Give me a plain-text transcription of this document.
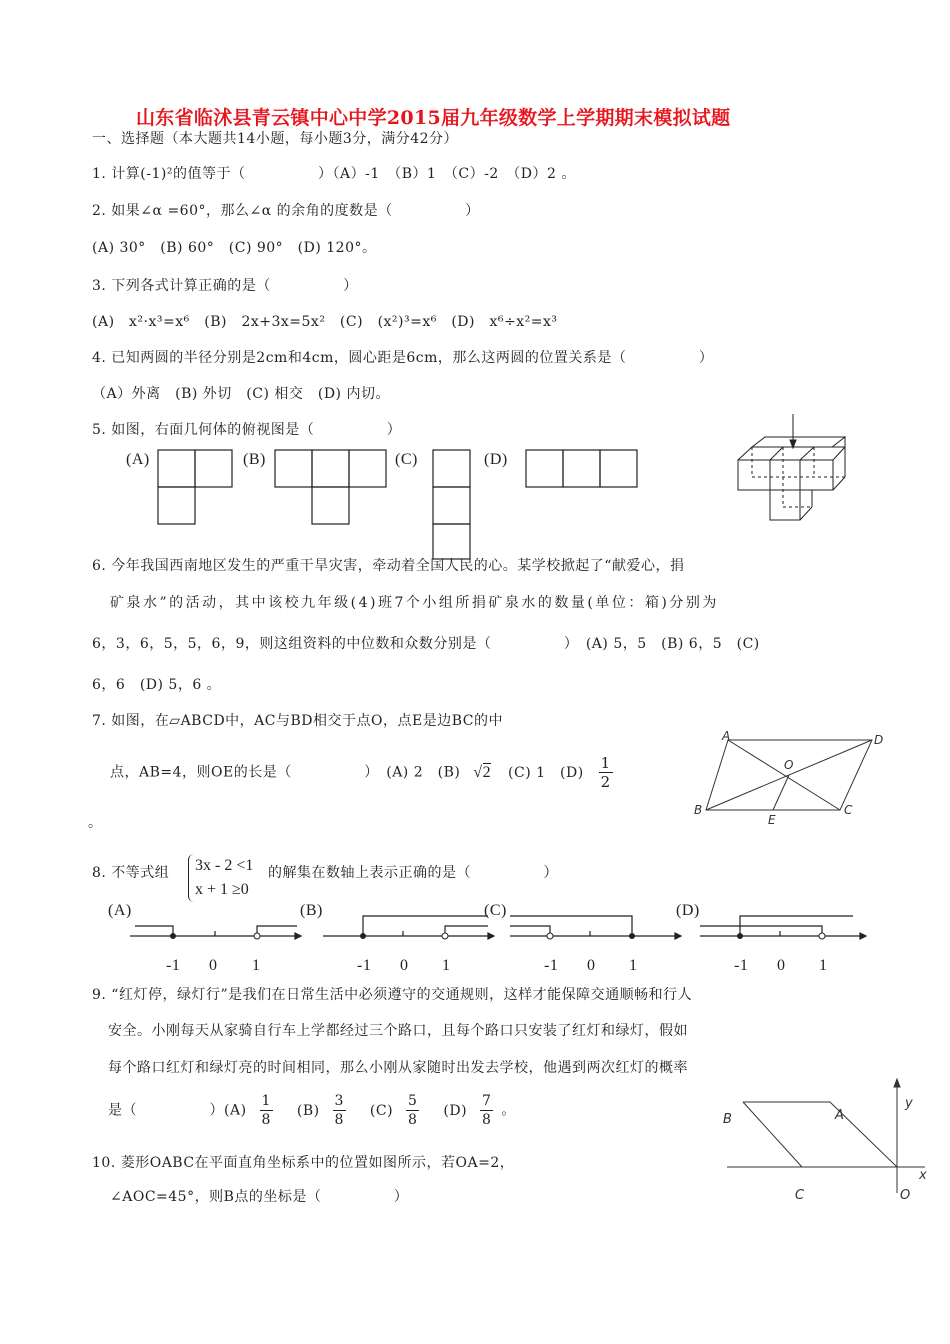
山东省临沭县青云镇中心中学2015届九年级数学上学期期末模拟试题
一、选择题（本大题共14小题，每小题3分，满分42分）
1. 计算(-1)²的值等于（　　　　　）（A）-1　（B）1　（C）-2　（D）2 。
2. 如果∠α =60°，那么∠α 的余角的度数是（　　　　　）
(A) 30°　(B) 60°　(C) 90°　(D) 120°。
3. 下列各式计算正确的是（　　　　　）
(A)　x²·x³=x⁶　(B)　2x+3x=5x²　(C)　(x²)³=x⁶　(D)　x⁶÷x²=x³
4. 已知两圆的半径分别是2cm和4cm，圆心距是6cm，那么这两圆的位置关系是（　　　　　）
（A）外离　(B) 外切　(C) 相交　(D) 内切。
5. 如图，右面几何体的俯视图是（　　　　　）
(A)	(B)	(C)	(D)
6. 今年我国西南地区发生的严重干旱灾害，牵动着全国人民的心。某学校掀起了“献爱心，捐
矿泉水”的活动，其中该校九年级(4)班7个小组所捐矿泉水的数量(单位：箱)分别为
6，3，6，5，5，6，9，则这组资料的中位数和众数分别是（　　　　　）　(A) 5，5　(B) 6，5　(C)
6，6　(D) 5，6 。
7. 如图，在▱ABCD中，AC与BD相交于点O，点E是边BC的中
点，AB=4，则OE的长是（　　　　　）　(A) 2　(B) √2 (C) 1　$(D) \frac{1}{2}$
。
A	D
O
B	C
E
8. 不等式组 3x - 2 <1
x + 1 ≥0
的解集在数轴上表示正确的是（　　　　　）
(A)	(B)	(C)	(D)
-1 0 1	-1 0 1	-1 0 1	-1 0 1
9. “红灯停，绿灯行”是我们在日常生活中必须遵守的交通规则，这样才能保障交通顺畅和行人
安全。小刚每天从家骑自行车上学都经过三个路口，且每个路口只安装了红灯和绿灯，假如
每个路口红灯和绿灯亮的时间相同，那么小刚从家随时出发去学校，他遇到两次红灯的概率
是（　　　　　）$(A) \frac{1}{8} (B) \frac{3}{8} (C) \frac{5}{8} (D) \frac{7}{8}$ 。
10. 菱形OABC在平面直角坐标系中的位置如图所示，若OA=2，
∠AOC=45°，则B点的坐标是（　　　　　）
B	A
y
x
C	O
